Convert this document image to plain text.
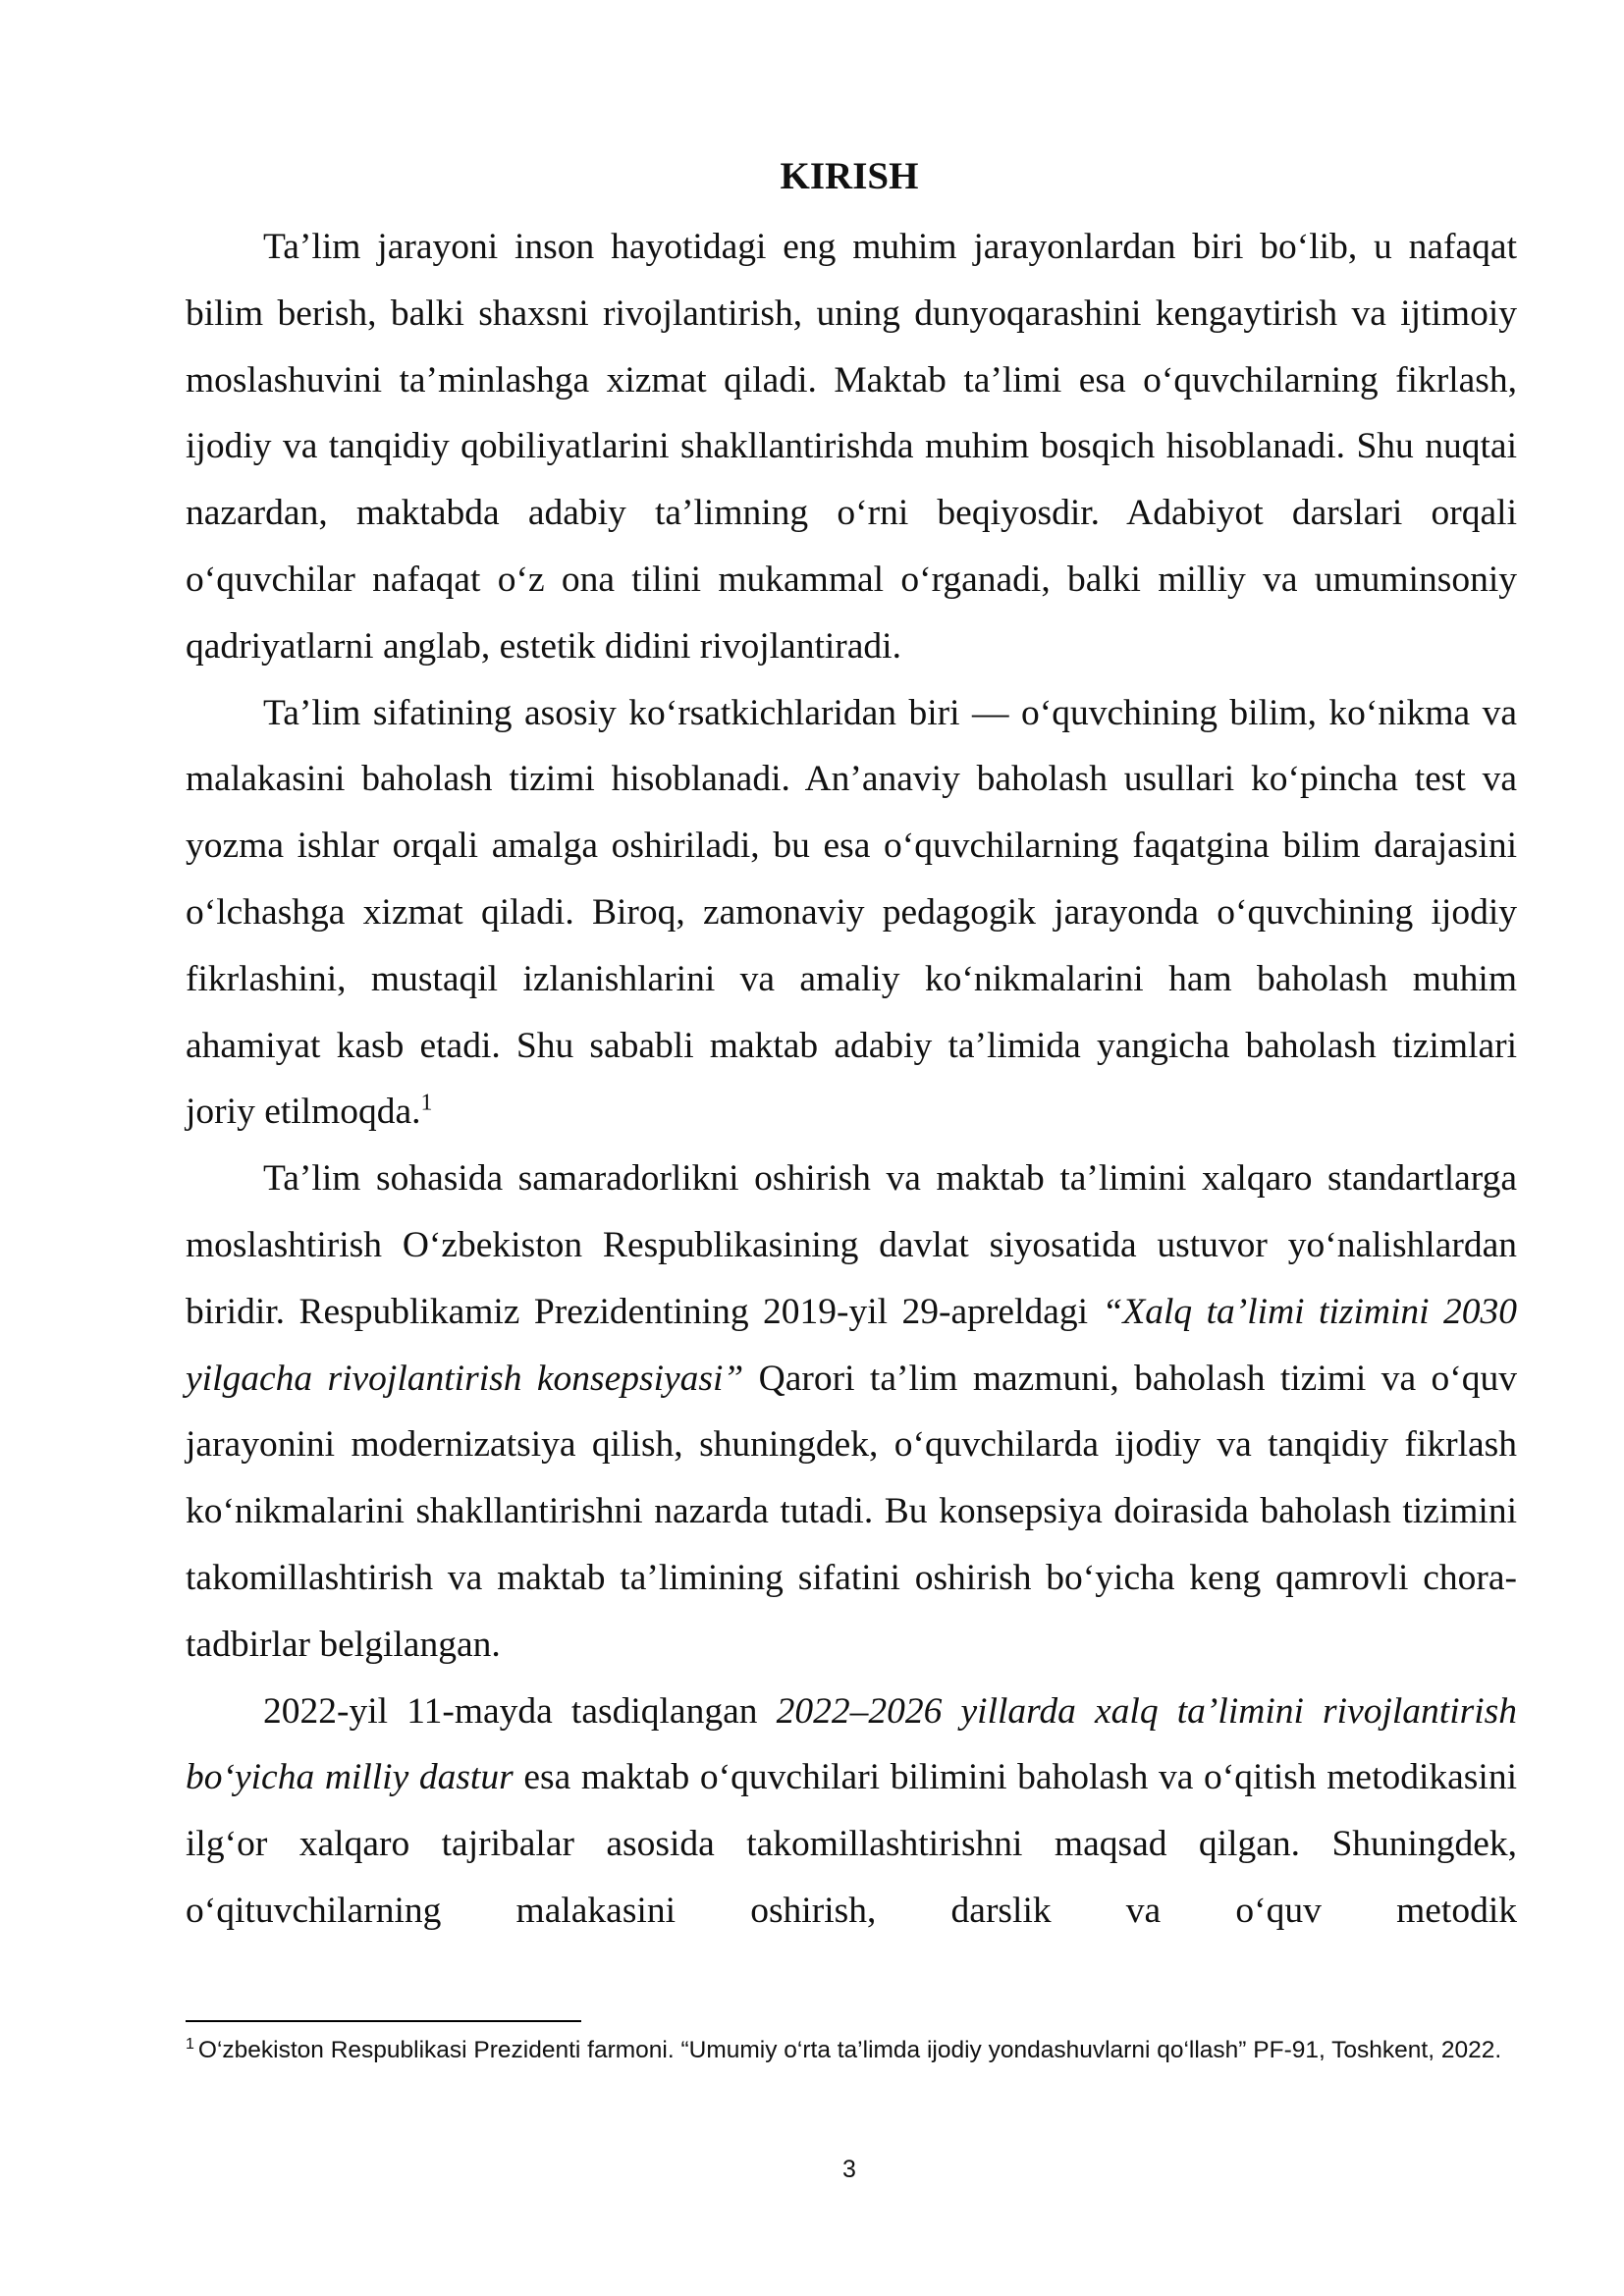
KIRISH

Ta’lim jarayoni inson hayotidagi eng muhim jarayonlardan biri bo‘lib, u nafaqat bilim berish, balki shaxsni rivojlantirish, uning dunyoqarashini kengaytirish va ijtimoiy moslashuvini ta’minlashga xizmat qiladi. Maktab ta’limi esa o‘quvchilarning fikrlash, ijodiy va tanqidiy qobiliyatlarini shakllantirishda muhim bosqich hisoblanadi. Shu nuqtai nazardan, maktabda adabiy ta’limning o‘rni beqiyosdir. Adabiyot darslari orqali o‘quvchilar nafaqat o‘z ona tilini mukammal o‘rganadi, balki milliy va umuminsoniy qadriyatlarni anglab, estetik didini rivojlantiradi.

Ta’lim sifatining asosiy ko‘rsatkichlaridan biri — o‘quvchining bilim, ko‘nikma va malakasini baholash tizimi hisoblanadi. An’anaviy baholash usullari ko‘pincha test va yozma ishlar orqali amalga oshiriladi, bu esa o‘quvchilarning faqatgina bilim darajasini o‘lchashga xizmat qiladi. Biroq, zamonaviy pedagogik jarayonda o‘quvchining ijodiy fikrlashini, mustaqil izlanishlarini va amaliy ko‘nikmalarini ham baholash muhim ahamiyat kasb etadi. Shu sababli maktab adabiy ta’limida yangicha baholash tizimlari joriy etilmoqda.$^1$

Ta’lim sohasida samaradorlikni oshirish va maktab ta’limini xalqaro standartlarga moslashtirish O‘zbekiston Respublikasining davlat siyosatida ustuvor yo‘nalishlardan biridir. Respublikamiz Prezidentining 2019-yil 29-apreldagi “Xalq ta’limi tizimini 2030 yilgacha rivojlantirish konsepsiyasi” Qarori ta’lim mazmuni, baholash tizimi va o‘quv jarayonini modernizatsiya qilish, shuningdek, o‘quvchilarda ijodiy va tanqidiy fikrlash ko‘nikmalarini shakllantirishni nazarda tutadi. Bu konsepsiya doirasida baholash tizimini takomillashtirish va maktab ta’limining sifatini oshirish bo‘yicha keng qamrovli chora-tadbirlar belgilangan.

2022-yil 11-mayda tasdiqlangan 2022–2026 yillarda xalq ta’limini rivojlantirish bo‘yicha milliy dastur esa maktab o‘quvchilari bilimini baholash va o‘qitish metodikasini ilg‘or xalqaro tajribalar asosida takomillashtirishni maqsad qilgan. Shuningdek, o‘qituvchilarning malakasini oshirish, darslik va o‘quv metodik

$^1$ O‘zbekiston Respublikasi Prezidenti farmoni. “Umumiy o‘rta ta’limda ijodiy yondashuvlarni qo‘llash” PF-91, Toshkent, 2022.
3
